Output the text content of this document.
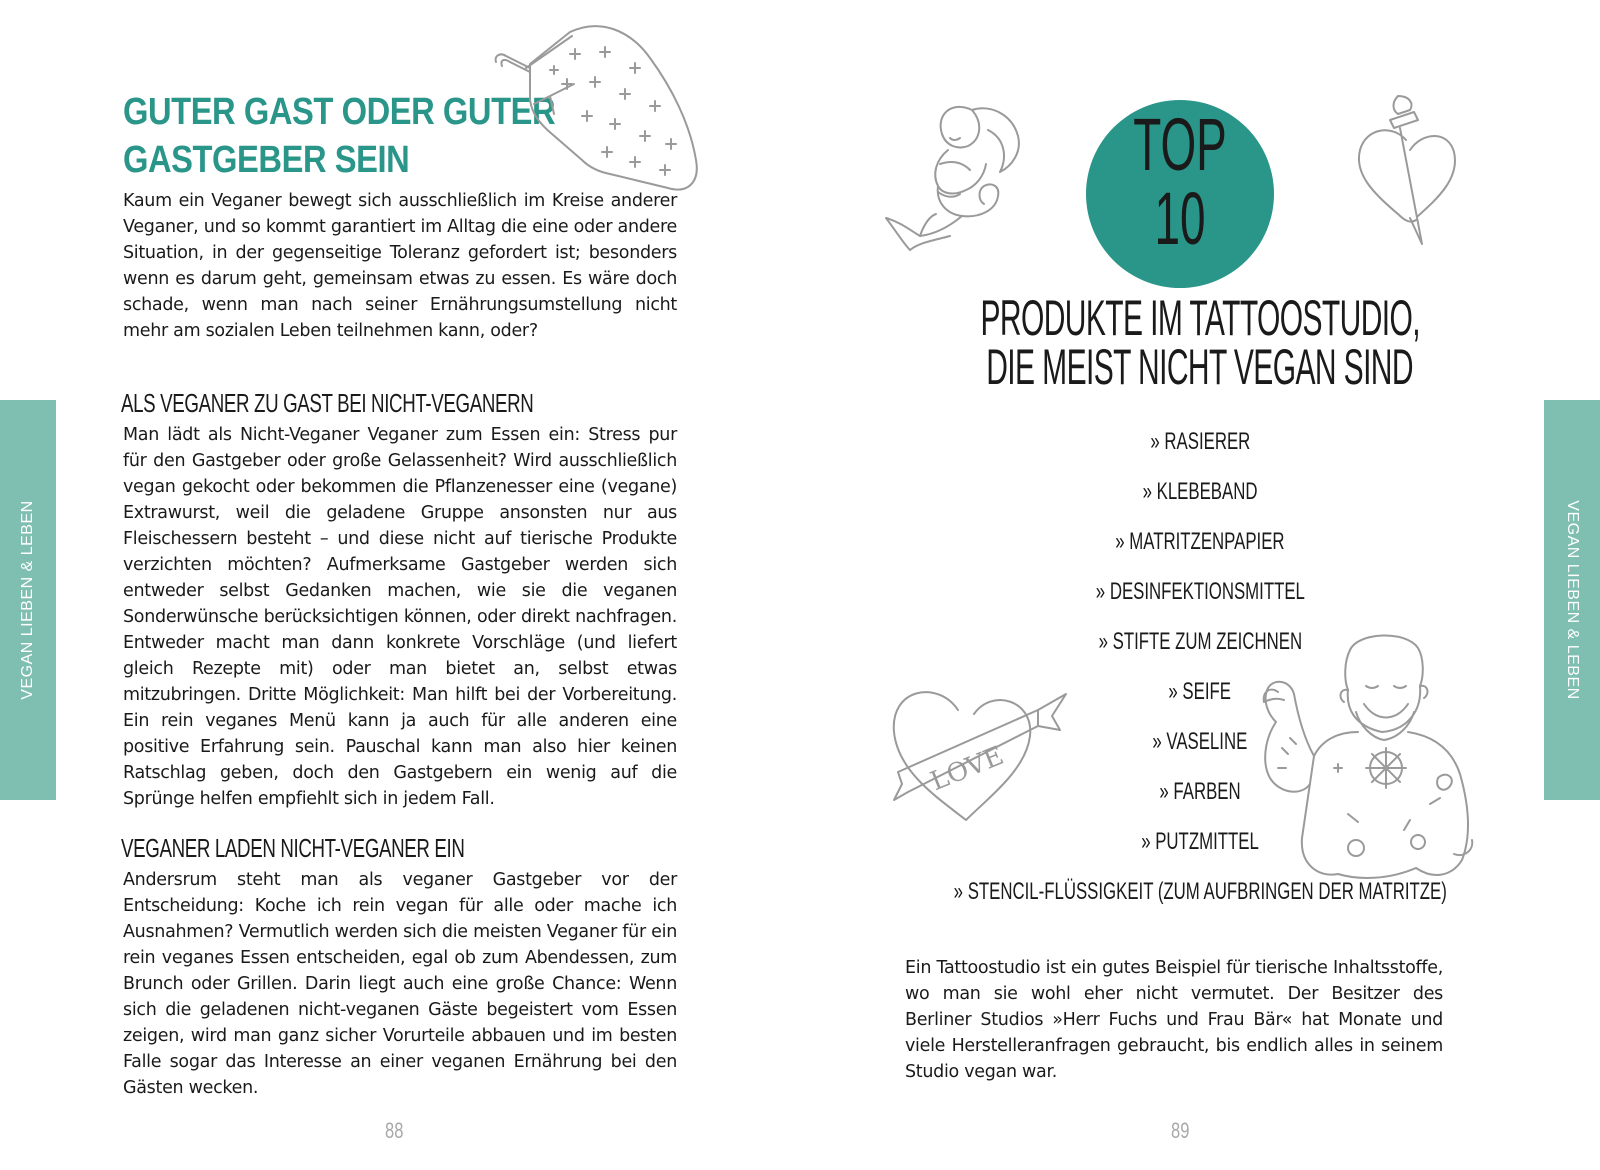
VEGAN LIEBEN & LEBEN
GUTER GAST ODER GUTER
GASTGEBER SEIN
Kaum ein Veganer bewegt sich ausschließlich im Kreise anderer Veganer, und so kommt garantiert im Alltag die eine oder andere Situation, in der gegenseitige Toleranz gefordert ist; besonders wenn es darum geht, gemeinsam etwas zu essen. Es wäre doch schade, wenn man nach seiner Ernährungsumstellung nicht mehr am sozialen Leben teilnehmen kann, oder?
ALS VEGANER ZU GAST BEI NICHT-VEGANERN
Man lädt als Nicht-Veganer Veganer zum Essen ein: Stress pur für den Gastgeber oder große Gelassenheit? Wird ausschließlich vegan gekocht oder bekommen die Pflanzenesser eine (vegane) Extrawurst, weil die geladene Gruppe ansonsten nur aus Fleischessern besteht – und diese nicht auf tierische Produkte verzichten möchten? Aufmerksame Gastgeber werden sich entweder selbst Gedanken machen, wie sie die veganen Sonderwünsche berücksichtigen können, oder direkt nachfragen. Entweder macht man dann konkrete Vorschläge (und liefert gleich Rezepte mit) oder man bietet an, selbst etwas mitzubringen. Dritte Möglichkeit: Man hilft bei der Vorbereitung. Ein rein veganes Menü kann ja auch für alle anderen eine positive Erfahrung sein. Pauschal kann man also hier keinen Ratschlag geben, doch den Gastgebern ein wenig auf die Sprünge helfen empfiehlt sich in jedem Fall.
VEGANER LADEN NICHT-VEGANER EIN
Andersrum steht man als veganer Gastgeber vor der Entscheidung: Koche ich rein vegan für alle oder mache ich Ausnahmen? Vermutlich werden sich die meisten Veganer für ein rein veganes Essen entscheiden, egal ob zum Abendessen, zum Brunch oder Grillen. Darin liegt auch eine große Chance: Wenn sich die geladenen nicht-veganen Gäste begeistert vom Essen zeigen, wird man ganz sicher Vorurteile abbauen und im besten Falle sogar das Interesse an einer veganen Ernährung bei den Gästen wecken.
88
VEGAN LIEBEN & LEBEN
TOP
10
PRODUKTE IM TATTOOSTUDIO,
DIE MEIST NICHT VEGAN SIND
» RASIERER
» KLEBEBAND
» MATRITZENPAPIER
» DESINFEKTIONSMITTEL
» STIFTE ZUM ZEICHNEN
» SEIFE
» VASELINE
» FARBEN
» PUTZMITTEL
» STENCIL-FLÜSSIGKEIT (ZUM AUFBRINGEN DER MATRITZE)
LOVE
Ein Tattoostudio ist ein gutes Beispiel für tierische Inhaltsstoffe, wo man sie wohl eher nicht vermutet. Der Besitzer des Berliner Studios »Herr Fuchs und Frau Bär« hat Monate und viele Herstelleranfragen gebraucht, bis endlich alles in seinem Studio vegan war.
89
